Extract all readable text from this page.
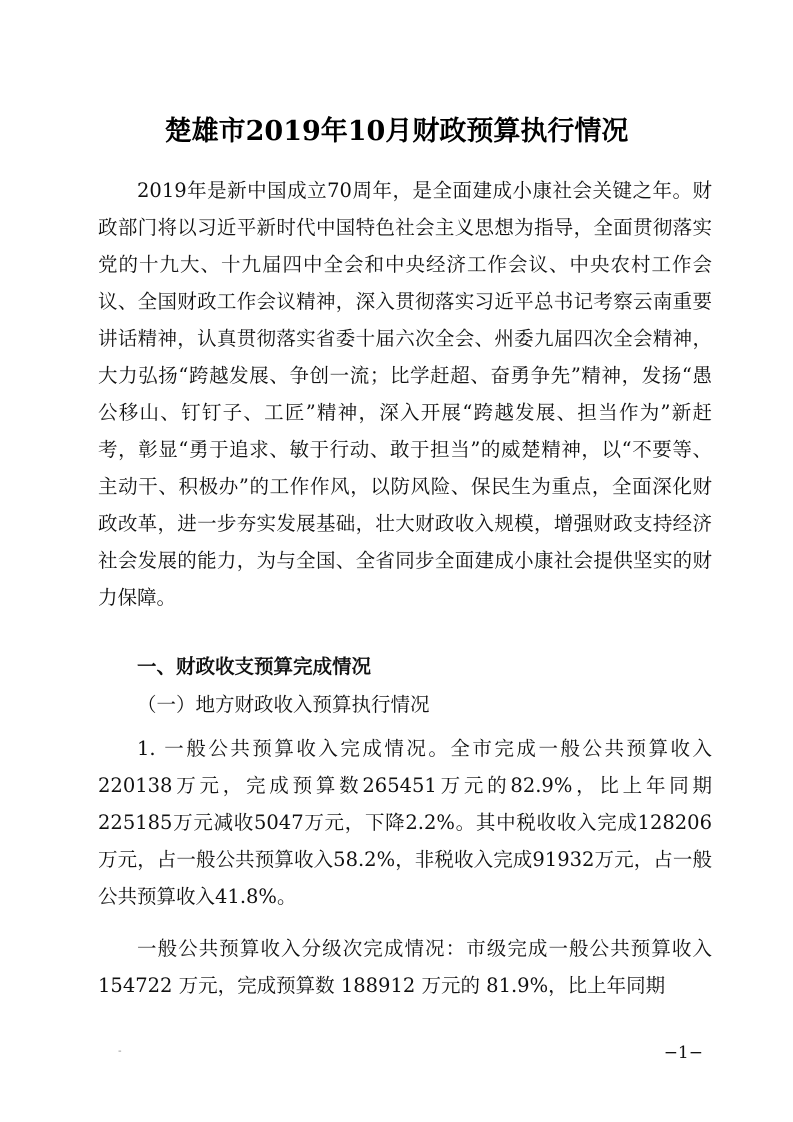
楚雄市2019年10月财政预算执行情况

2019年是新中国成立70周年，是全面建成小康社会关键之年。财政部门将以习近平新时代中国特色社会主义思想为指导，全面贯彻落实党的十九大、十九届四中全会和中央经济工作会议、中央农村工作会议、全国财政工作会议精神，深入贯彻落实习近平总书记考察云南重要讲话精神，认真贯彻落实省委十届六次全会、州委九届四次全会精神，大力弘扬“跨越发展、争创一流；比学赶超、奋勇争先”精神，发扬“愚公移山、钉钉子、工匠”精神，深入开展“跨越发展、担当作为”新赶考，彰显“勇于追求、敏于行动、敢于担当”的威楚精神，以“不要等、主动干、积极办”的工作作风，以防风险、保民生为重点，全面深化财政改革，进一步夯实发展基础，壮大财政收入规模，增强财政支持经济社会发展的能力，为与全国、全省同步全面建成小康社会提供坚实的财力保障。

一、财政收支预算完成情况
（一）地方财政收入预算执行情况

1. 一般公共预算收入完成情况。全市完成一般公共预算收入220138万元，完成预算数265451万元的82.9%，比上年同期225185万元减收5047万元，下降2.2%。其中税收收入完成128206万元，占一般公共预算收入58.2%，非税收入完成91932万元，占一般公共预算收入41.8%。

一般公共预算收入分级次完成情况：市级完成一般公共预算收入 154722 万元，完成预算数 188912 万元的 81.9%，比上年同期

-	−1−
